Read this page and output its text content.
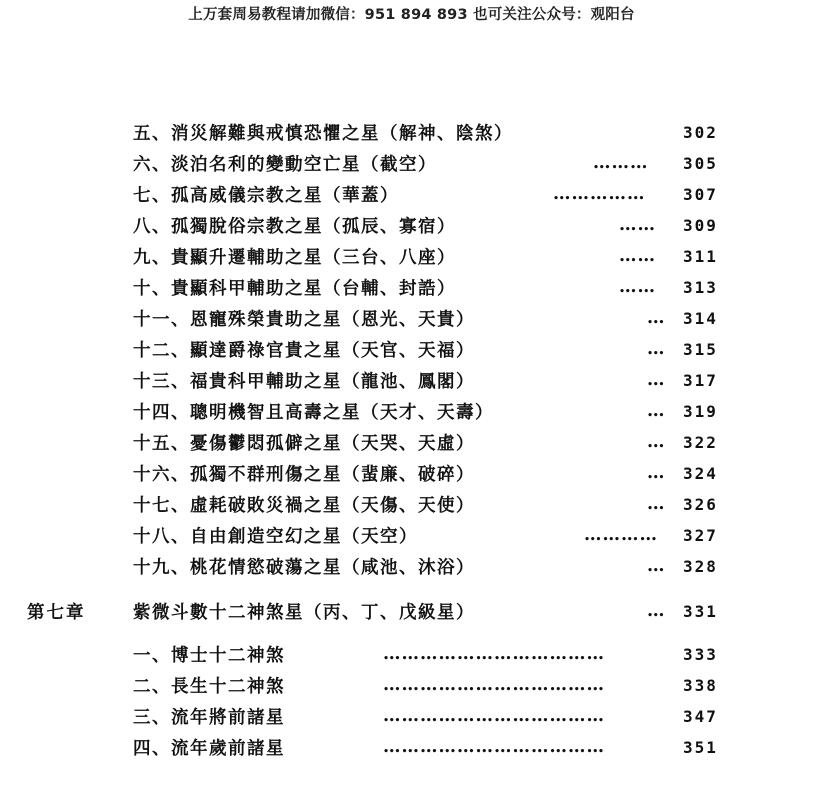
上万套周易教程请加微信：951 894 893 也可关注公众号：观阳台
五、消災解難與戒慎恐懼之星（解神、陰煞）	302
六、淡泊名利的變動空亡星（截空）	……… 305
七、孤高威儀宗教之星（華蓋）	…………… 307
八、孤獨脫俗宗教之星（孤辰、寡宿）	…… 309
九、貴顯升遷輔助之星（三台、八座）	…… 311
十、貴顯科甲輔助之星（台輔、封誥）	…… 313
十一、恩寵殊榮貴助之星（恩光、天貴）	… 314
十二、顯達爵祿官貴之星（天官、天福）	… 315
十三、福貴科甲輔助之星（龍池、鳳閣）	… 317
十四、聰明機智且高壽之星（天才、天壽）	… 319
十五、憂傷鬱悶孤僻之星（天哭、天虛）	… 322
十六、孤獨不群刑傷之星（蜚廉、破碎）	… 324
十七、虛耗破敗災禍之星（天傷、天使）	… 326
十八、自由創造空幻之星（天空）	………… 327
十九、桃花情慾破蕩之星（咸池、沐浴）	… 328
第七章	紫微斗數十二神煞星（丙、丁、戊級星）	… 331
一、博士十二神煞	………………………………	333
二、長生十二神煞	………………………………	338
三、流年將前諸星	………………………………	347
四、流年歲前諸星	………………………………	351
